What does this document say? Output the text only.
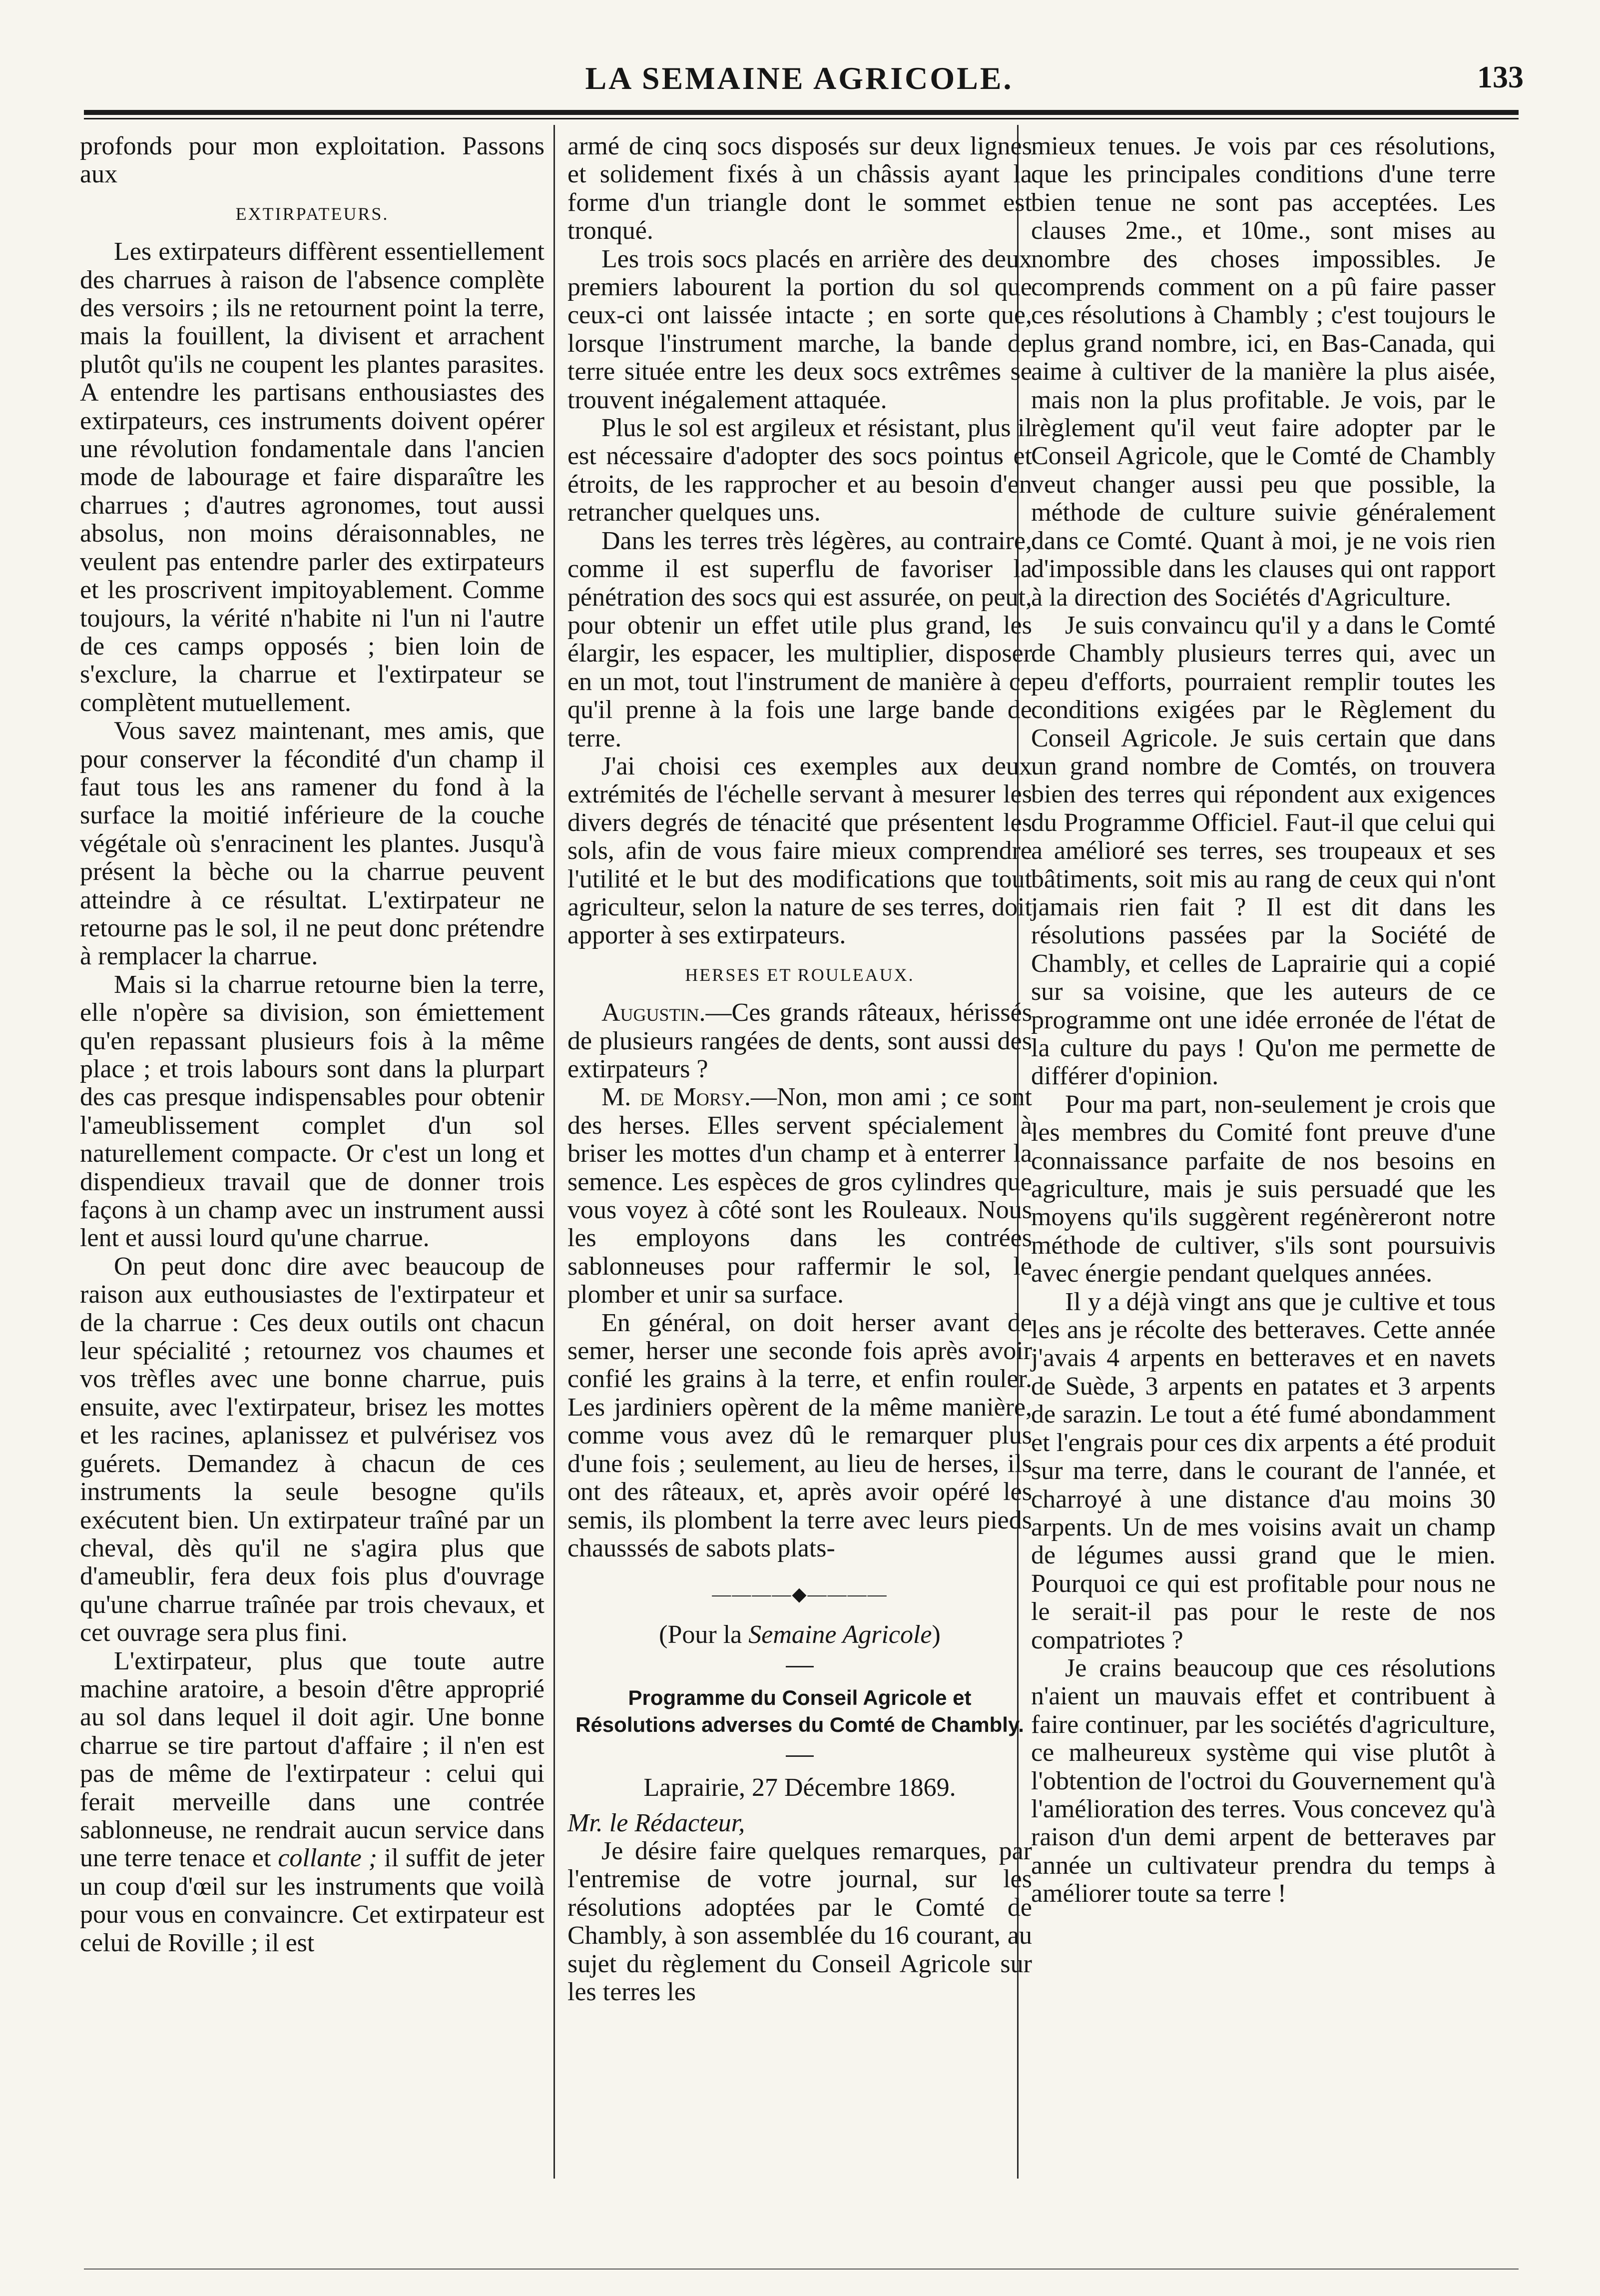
LA SEMAINE AGRICOLE.	133

profonds pour mon exploitation. Passons aux

EXTIRPATEURS.

Les extirpateurs diffèrent essentiellement des charrues à raison de l'absence complète des versoirs ; ils ne retournent point la terre, mais la fouillent, la divisent et arrachent plutôt qu'ils ne coupent les plantes parasites. A entendre les partisans enthousiastes des extirpateurs, ces instruments doivent opérer une révolution fondamentale dans l'ancien mode de labourage et faire disparaître les charrues ; d'autres agronomes, tout aussi absolus, non moins déraisonnables, ne veulent pas entendre parler des extirpateurs et les proscrivent impitoyablement. Comme toujours, la vérité n'habite ni l'un ni l'autre de ces camps opposés ; bien loin de s'exclure, la charrue et l'extirpateur se complètent mutuellement.

Vous savez maintenant, mes amis, que pour conserver la fécondité d'un champ il faut tous les ans ramener du fond à la surface la moitié inférieure de la couche végétale où s'enracinent les plantes. Jusqu'à présent la bèche ou la charrue peuvent atteindre à ce résultat. L'extirpateur ne retourne pas le sol, il ne peut donc prétendre à remplacer la charrue.

Mais si la charrue retourne bien la terre, elle n'opère sa division, son émiettement qu'en repassant plusieurs fois à la même place ; et trois labours sont dans la plurpart des cas presque indispensables pour obtenir l'ameublissement complet d'un sol naturellement compacte. Or c'est un long et dispendieux travail que de donner trois façons à un champ avec un instrument aussi lent et aussi lourd qu'une charrue.

On peut donc dire avec beaucoup de raison aux euthousiastes de l'extirpateur et de la charrue : Ces deux outils ont chacun leur spécialité ; retournez vos chaumes et vos trèfles avec une bonne charrue, puis ensuite, avec l'extirpateur, brisez les mottes et les racines, aplanissez et pulvérisez vos guérets. Demandez à chacun de ces instruments la seule besogne qu'ils exécutent bien. Un extirpateur traîné par un cheval, dès qu'il ne s'agira plus que d'ameublir, fera deux fois plus d'ouvrage qu'une charrue traînée par trois chevaux, et cet ouvrage sera plus fini.

L'extirpateur, plus que toute autre machine aratoire, a besoin d'être approprié au sol dans lequel il doit agir. Une bonne charrue se tire partout d'affaire ; il n'en est pas de même de l'extirpateur : celui qui ferait merveille dans une contrée sablonneuse, ne rendrait aucun service dans une terre tenace et collante ; il suffit de jeter un coup d'œil sur les instruments que voilà pour vous en convaincre. Cet extirpateur est celui de Roville ; il est

armé de cinq socs disposés sur deux lignes et solidement fixés à un châssis ayant la forme d'un triangle dont le sommet est tronqué.

Les trois socs placés en arrière des deux premiers labourent la portion du sol que ceux-ci ont laissée intacte ; en sorte que, lorsque l'instrument marche, la bande de terre située entre les deux socs extrêmes se trouvent inégalement attaquée.

Plus le sol est argileux et résistant, plus il est nécessaire d'adopter des socs pointus et étroits, de les rapprocher et au besoin d'en retrancher quelques uns.

Dans les terres très légères, au contraire, comme il est superflu de favoriser la pénétration des socs qui est assurée, on peut, pour obtenir un effet utile plus grand, les élargir, les espacer, les multiplier, disposer en un mot, tout l'instrument de manière à ce qu'il prenne à la fois une large bande de terre.

J'ai choisi ces exemples aux deux extrémités de l'échelle servant à mesurer les divers degrés de ténacité que présentent les sols, afin de vous faire mieux comprendre l'utilité et le but des modifications que tout agriculteur, selon la nature de ses terres, doit apporter à ses extirpateurs.

HERSES ET ROULEAUX.

Augustin.—Ces grands râteaux, hérissés de plusieurs rangées de dents, sont aussi des extirpateurs ?

M. de Morsy.—Non, mon ami ; ce sont des herses. Elles servent spécialement à briser les mottes d'un champ et à enterrer la semence. Les espèces de gros cylindres que vous voyez à côté sont les Rouleaux. Nous les employons dans les contrées sablonneuses pour raffermir le sol, le plomber et unir sa surface.

En général, on doit herser avant de semer, herser une seconde fois après avoir confié les grains à la terre, et enfin rouler. Les jardiniers opèrent de la même manière, comme vous avez dû le remarquer plus d'une fois ; seulement, au lieu de herses, ils ont des râteaux, et, après avoir opéré les semis, ils plombent la terre avec leurs pieds chausssés de sabots plats-

————◆————

(Pour la Semaine Agricole)

Programme du Conseil Agricole et Résolutions adverses du Comté de Chambly.

Laprairie, 27 Décembre 1869.

Mr. le Rédacteur,

Je désire faire quelques remarques, par l'entremise de votre journal, sur les résolutions adoptées par le Comté de Chambly, à son assemblée du 16 courant, au sujet du règlement du Conseil Agricole sur les terres les

mieux tenues. Je vois par ces résolutions, que les principales conditions d'une terre bien tenue ne sont pas acceptées. Les clauses 2me., et 10me., sont mises au nombre des choses impossibles. Je comprends comment on a pû faire passer ces résolutions à Chambly ; c'est toujours le plus grand nombre, ici, en Bas-Canada, qui aime à cultiver de la manière la plus aisée, mais non la plus profitable. Je vois, par le règlement qu'il veut faire adopter par le Conseil Agricole, que le Comté de Chambly veut changer aussi peu que possible, la méthode de culture suivie généralement dans ce Comté. Quant à moi, je ne vois rien d'impossible dans les clauses qui ont rapport à la direction des Sociétés d'Agriculture.

Je suis convaincu qu'il y a dans le Comté de Chambly plusieurs terres qui, avec un peu d'efforts, pourraient remplir toutes les conditions exigées par le Règlement du Conseil Agricole. Je suis certain que dans un grand nombre de Comtés, on trouvera bien des terres qui répondent aux exigences du Programme Officiel. Faut-il que celui qui a amélioré ses terres, ses troupeaux et ses bâtiments, soit mis au rang de ceux qui n'ont jamais rien fait ? Il est dit dans les résolutions passées par la Société de Chambly, et celles de Laprairie qui a copié sur sa voisine, que les auteurs de ce programme ont une idée erronée de l'état de la culture du pays ! Qu'on me permette de différer d'opinion.

Pour ma part, non-seulement je crois que les membres du Comité font preuve d'une connaissance parfaite de nos besoins en agriculture, mais je suis persuadé que les moyens qu'ils suggèrent regénèreront notre méthode de cultiver, s'ils sont poursuivis avec énergie pendant quelques années.

Il y a déjà vingt ans que je cultive et tous les ans je récolte des betteraves. Cette année j'avais 4 arpents en betteraves et en navets de Suède, 3 arpents en patates et 3 arpents de sarazin. Le tout a été fumé abondamment et l'engrais pour ces dix arpents a été produit sur ma terre, dans le courant de l'année, et charroyé à une distance d'au moins 30 arpents. Un de mes voisins avait un champ de légumes aussi grand que le mien. Pourquoi ce qui est profitable pour nous ne le serait-il pas pour le reste de nos compatriotes ?

Je crains beaucoup que ces résolutions n'aient un mauvais effet et contribuent à faire continuer, par les sociétés d'agriculture, ce malheureux système qui vise plutôt à l'obtention de l'octroi du Gouvernement qu'à l'amélioration des terres. Vous concevez qu'à raison d'un demi arpent de betteraves par année un cultivateur prendra du temps à améliorer toute sa terre !
